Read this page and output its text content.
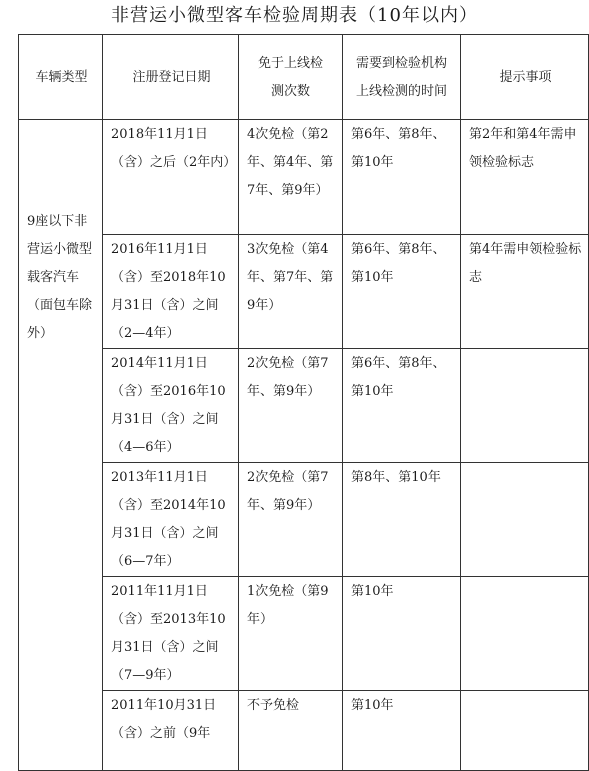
非营运小微型客车检验周期表（10年以内）
车辆类型	注册登记日期	免于上线检测次数	需要到检验机构上线检测的时间	提示事项

9座以下非营运小微型载客汽车（面包车除外）	2018年11月1日（含）之后（2年内）	4次免检（第2年、第4年、第7年、第9年）	第6年、第8年、第10年	第2年和第4年需申领检验标志
	2016年11月1日（含）至2018年10月31日（含）之间（2—4年）	3次免检（第4年、第7年、第9年）	第6年、第8年、第10年	第4年需申领检验标志
	2014年11月1日（含）至2016年10月31日（含）之间（4—6年）	2次免检（第7年、第9年）	第6年、第8年、第10年	
	2013年11月1日（含）至2014年10月31日（含）之间（6—7年）	2次免检（第7年、第9年）	第8年、第10年	
	2011年11月1日（含）至2013年10月31日（含）之间（7—9年）	1次免检（第9年）	第10年	
	2011年10月31日（含）之前（9年	不予免检	第10年	
